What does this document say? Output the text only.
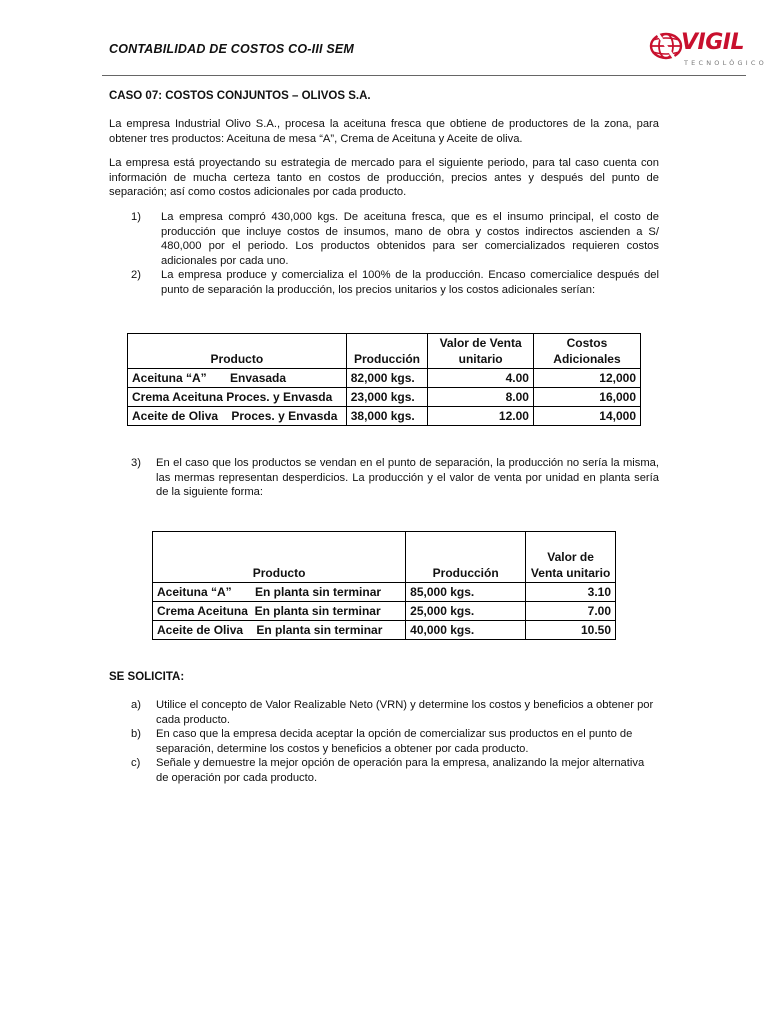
CONTABILIDAD DE COSTOS CO-III SEM	VIGIL
TECNOLÓGICO
CASO 07: COSTOS CONJUNTOS – OLIVOS S.A.
La empresa Industrial Olivo S.A., procesa la aceituna fresca que obtiene de productores de la zona, para obtener tres productos: Aceituna de mesa “A”, Crema de Aceituna y Aceite de oliva.
La empresa está proyectando su estrategia de mercado para el siguiente periodo, para tal caso cuenta con información de mucha certeza tanto en costos de producción, precios antes y después del punto de separación; así como costos adicionales por cada producto.
1)	La empresa compró 430,000 kgs. De aceituna fresca, que es el insumo principal, el costo de producción que incluye costos de insumos, mano de obra y costos indirectos ascienden a S/ 480,000 por el periodo. Los productos obtenidos para ser comercializados requieren costos adicionales por cada uno.
2)	La empresa produce y comercializa el 100% de la producción. Encaso comercialice después del punto de separación la producción, los precios unitarios y los costos adicionales serían:
Producto	Producción	Valor de Venta unitario	Costos Adicionales
Aceituna “A”       Envasada	82,000 kgs.	4.00	12,000
Crema Aceituna Proces. y Envasda	23,000 kgs.	8.00	16,000
Aceite de Oliva    Proces. y Envasda	38,000 kgs.	12.00	14,000
3)	En el caso que los productos se vendan en el punto de separación, la producción no sería la misma, las mermas representan desperdicios. La producción y el valor de venta por unidad en planta sería de la siguiente forma:
Producto	Producción	Valor de Venta unitario
Aceituna “A”       En planta sin terminar	85,000 kgs.	3.10
Crema Aceituna  En planta sin terminar	25,000 kgs.	7.00
Aceite de Oliva    En planta sin terminar	40,000 kgs.	10.50
SE SOLICITA:
a)	Utilice el concepto de Valor Realizable Neto (VRN) y determine los costos y beneficios a obtener por cada producto.
b)	En caso que la empresa decida aceptar la opción de comercializar sus productos en el punto de separación, determine los costos y beneficios a obtener por cada producto.
c)	Señale y demuestre la mejor opción de operación para la empresa, analizando la mejor alternativa de operación por cada producto.
